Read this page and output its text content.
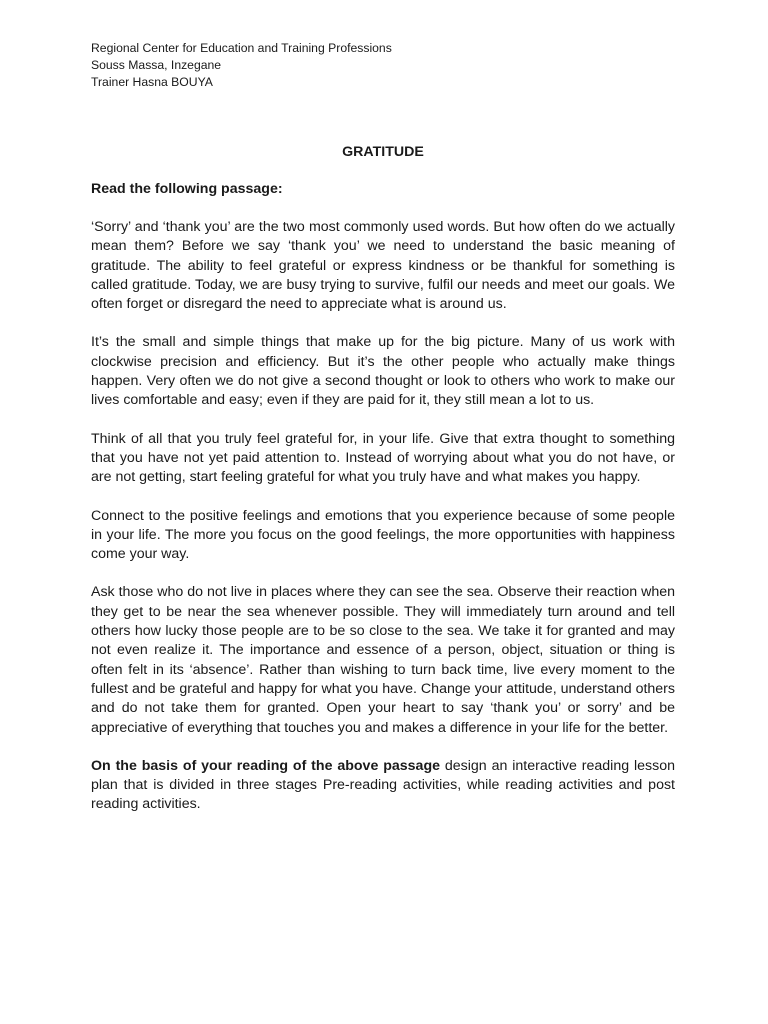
Regional Center for Education and Training Professions
Souss Massa, Inzegane
Trainer Hasna BOUYA
GRATITUDE
Read the following passage:

‘Sorry’ and ‘thank you’ are the two most commonly used words. But how often do we actually mean them? Before we say ‘thank you’ we need to understand the basic meaning of gratitude. The ability to feel grateful or express kindness or be thankful for something is called gratitude. Today, we are busy trying to survive, fulfil our needs and meet our goals. We often forget or disregard the need to appreciate what is around us.

It’s the small and simple things that make up for the big picture. Many of us work with clockwise precision and efficiency. But it’s the other people who actually make things happen. Very often we do not give a second thought or look to others who work to make our lives comfortable and easy; even if they are paid for it, they still mean a lot to us.

Think of all that you truly feel grateful for, in your life. Give that extra thought to something that you have not yet paid attention to. Instead of worrying about what you do not have, or are not getting, start feeling grateful for what you truly have and what makes you happy.

Connect to the positive feelings and emotions that you experience because of some people in your life. The more you focus on the good feelings, the more opportunities with happiness come your way.

Ask those who do not live in places where they can see the sea. Observe their reaction when they get to be near the sea whenever possible. They will immediately turn around and tell others how lucky those people are to be so close to the sea. We take it for granted and may not even realize it. The importance and essence of a person, object, situation or thing is often felt in its ‘absence’. Rather than wishing to turn back time, live every moment to the fullest and be grateful and happy for what you have. Change your attitude, understand others and do not take them for granted. Open your heart to say ‘thank you’ or sorry’ and be appreciative of everything that touches you and makes a difference in your life for the better.

On the basis of your reading of the above passage design an interactive reading lesson plan that is divided in three stages Pre-reading activities, while reading activities and post reading activities.
